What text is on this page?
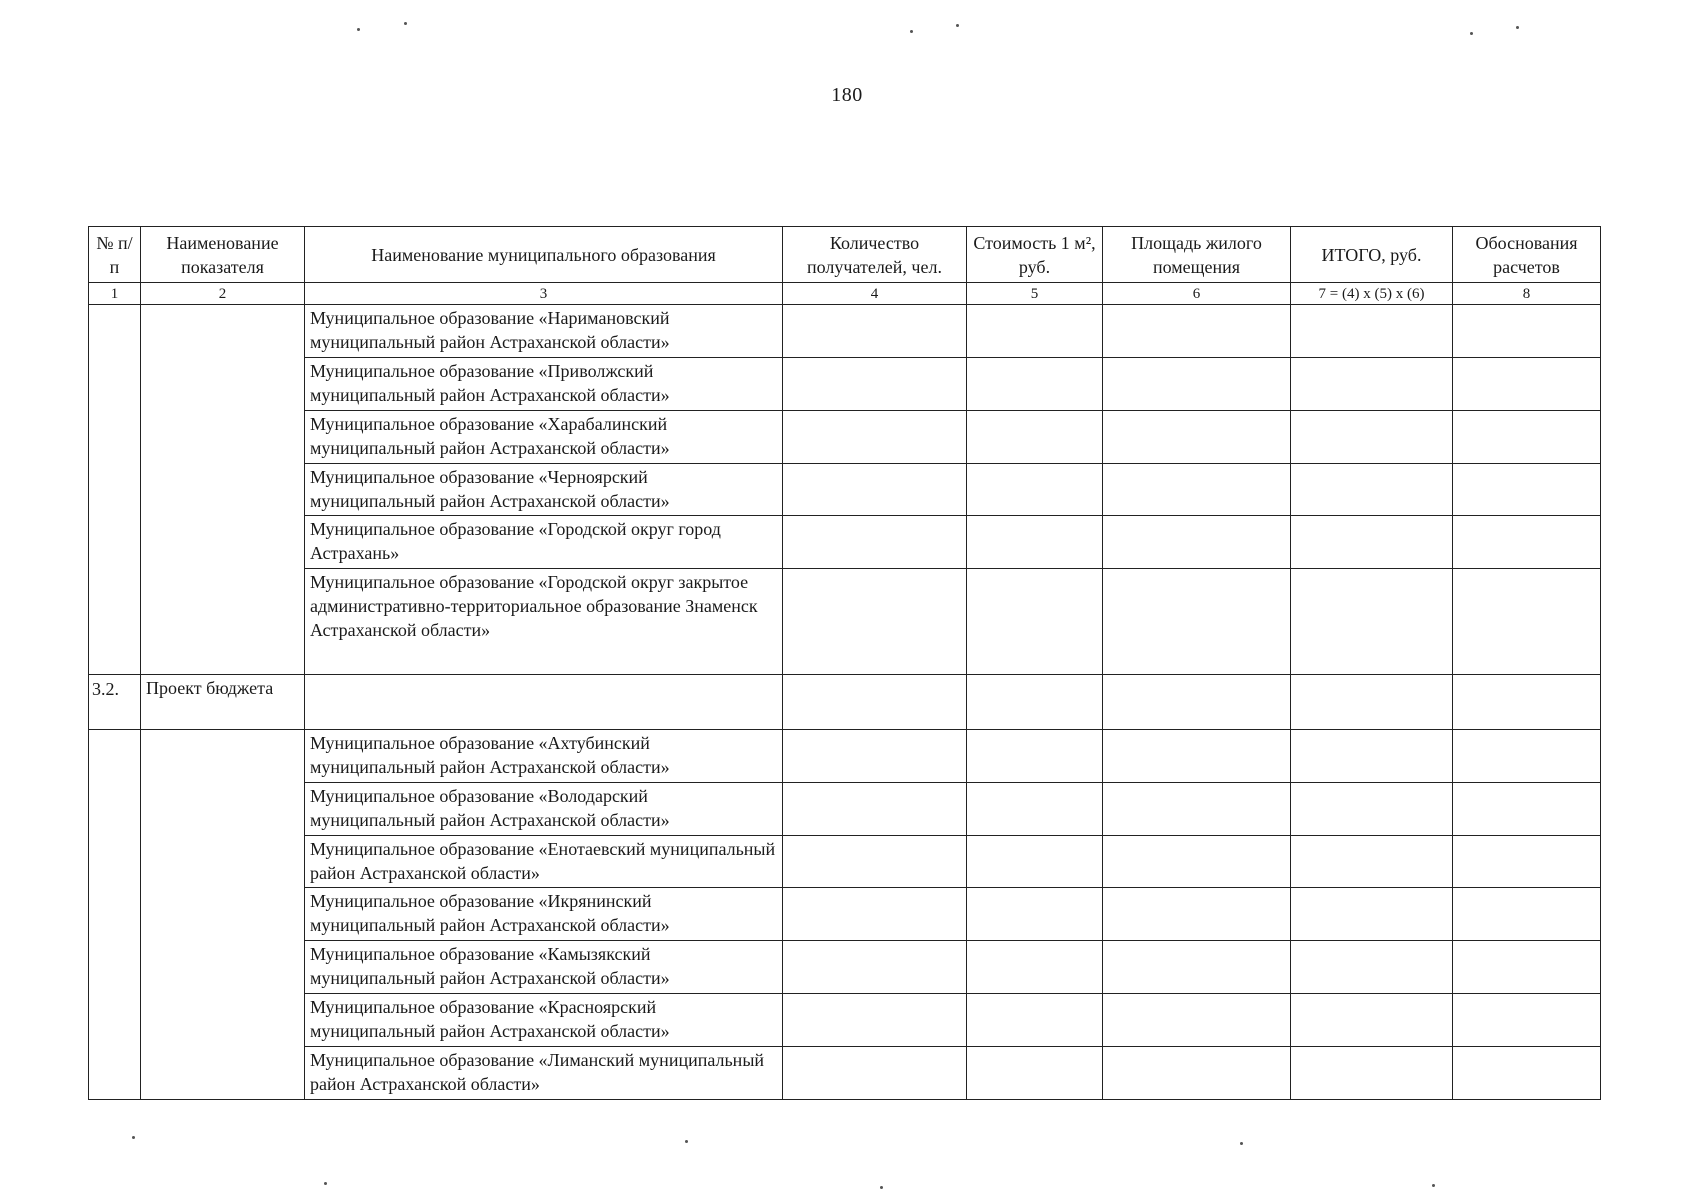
180
№ п/п	Наименование показателя	Наименование муниципального образования	Количество получателей, чел.	Стоимость 1 м², руб.	Площадь жилого помещения	ИТОГО, руб.	Обоснования расчетов
1	2	3	4	5	6	7 = (4) x (5) x (6)	8
		Муниципальное образование «Наримановский муниципальный район Астраханской области»					
		Муниципальное образование «Приволжский муниципальный район Астраханской области»					
		Муниципальное образование «Харабалинский муниципальный район Астраханской области»					
		Муниципальное образование «Черноярский муниципальный район Астраханской области»					
		Муниципальное образование «Городской округ город Астрахань»					
		Муниципальное образование «Городской округ закрытое административно-территориальное образование Знаменск Астраханской области»					
3.2.	Проект бюджета						
		Муниципальное образование «Ахтубинский муниципальный район Астраханской области»					
		Муниципальное образование «Володарский муниципальный район Астраханской области»					
		Муниципальное образование «Енотаевский муниципальный район Астраханской области»					
		Муниципальное образование «Икрянинский муниципальный район Астраханской области»					
		Муниципальное образование «Камызякский муниципальный район Астраханской области»					
		Муниципальное образование «Красноярский муниципальный район Астраханской области»					
		Муниципальное образование «Лиманский муниципальный район Астраханской области»					
